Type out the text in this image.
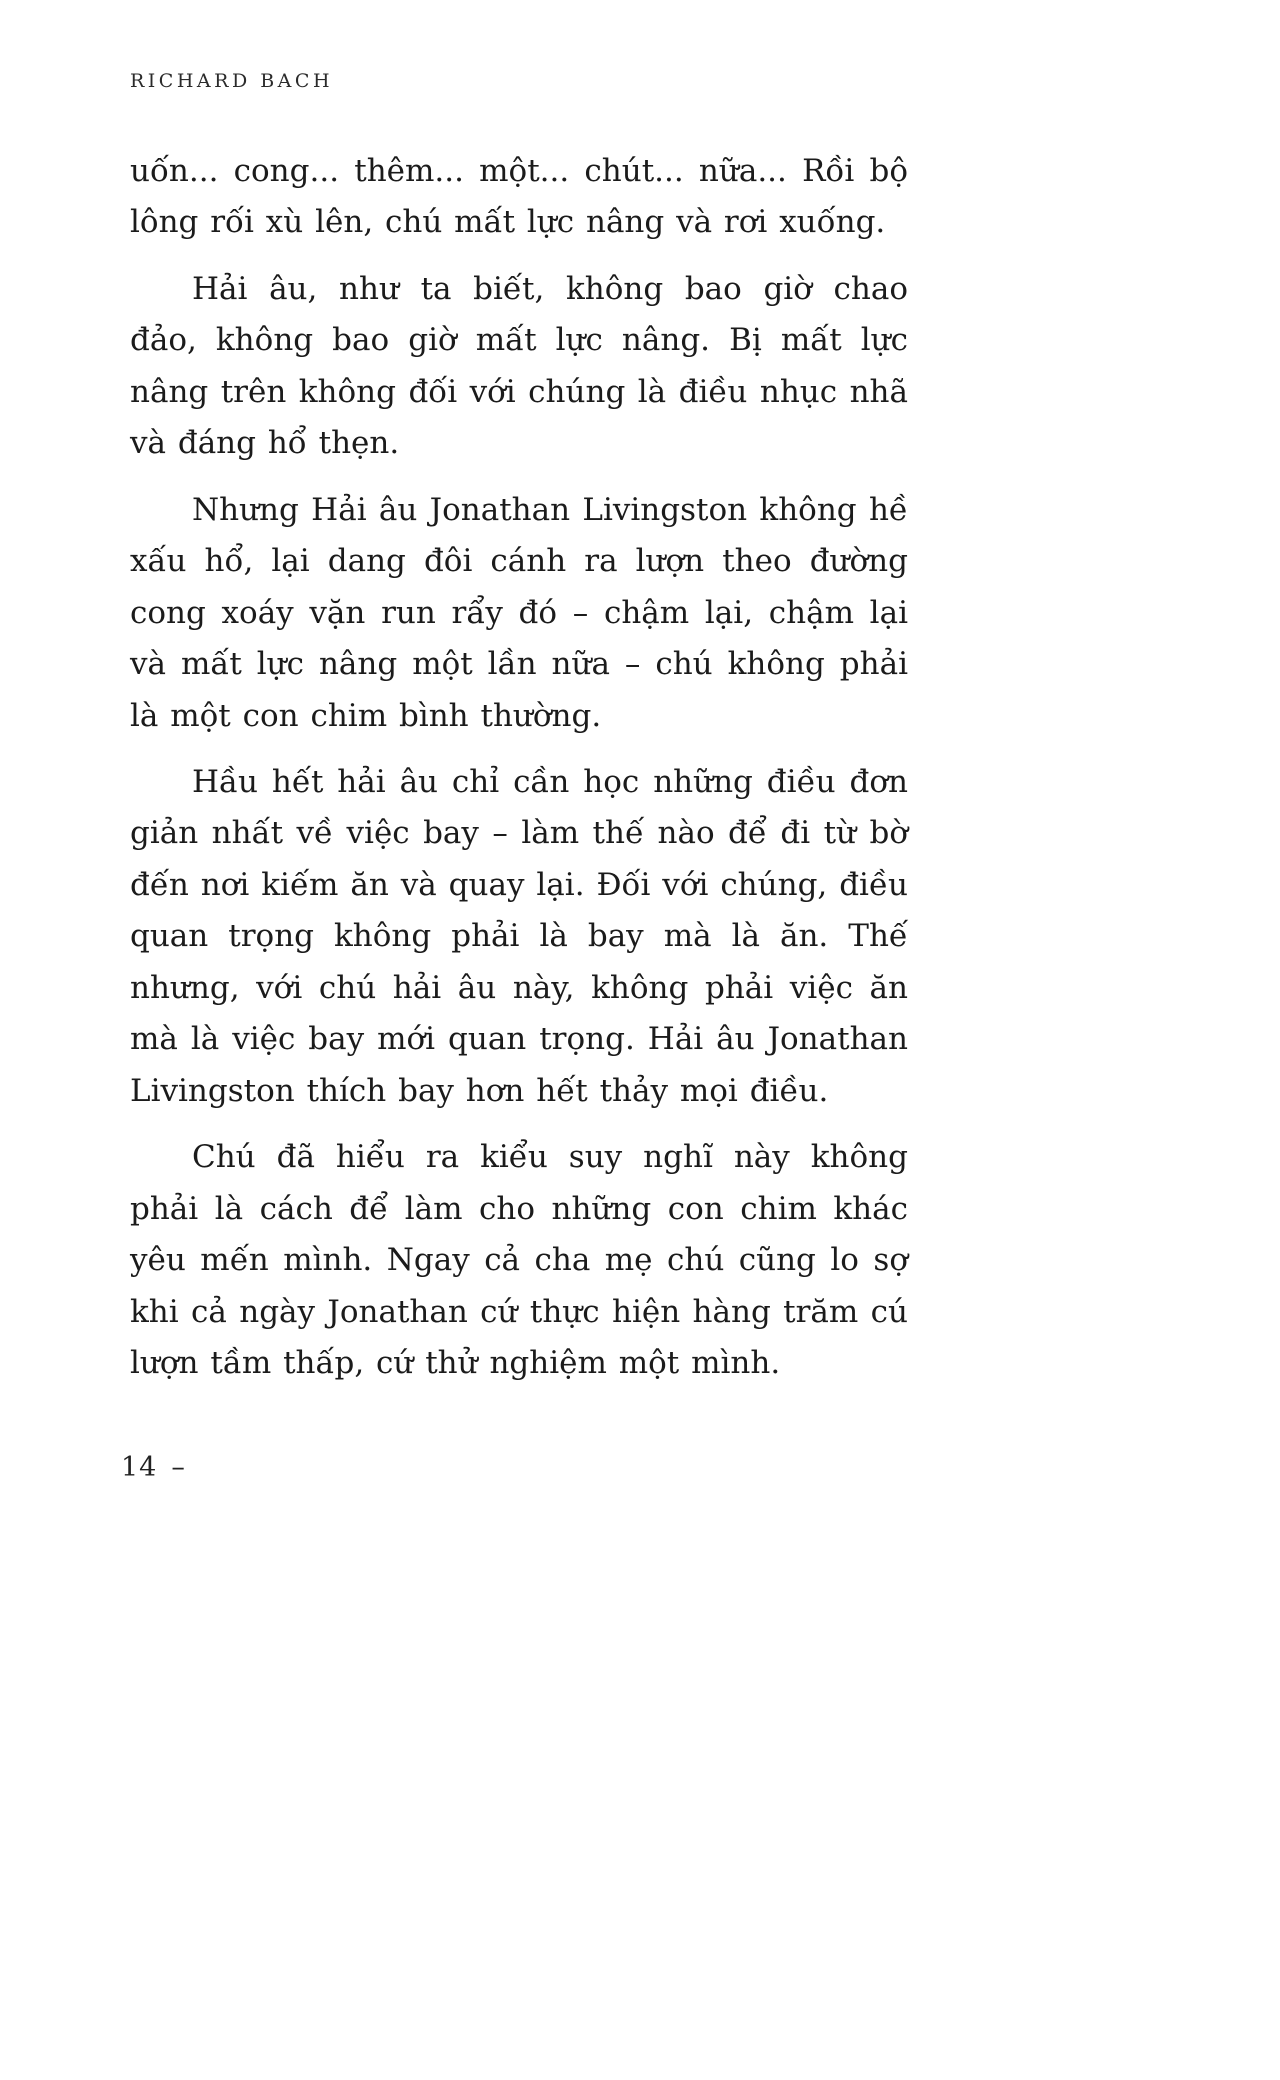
RICHARD BACH

uốn... cong... thêm... một... chút... nữa... Rồi bộ lông rối xù lên, chú mất lực nâng và rơi xuống.

Hải âu, như ta biết, không bao giờ chao đảo, không bao giờ mất lực nâng. Bị mất lực nâng trên không đối với chúng là điều nhục nhã và đáng hổ thẹn.

Nhưng Hải âu Jonathan Livingston không hề xấu hổ, lại dang đôi cánh ra lượn theo đường cong xoáy vặn run rẩy đó – chậm lại, chậm lại và mất lực nâng một lần nữa – chú không phải là một con chim bình thường.

Hầu hết hải âu chỉ cần học những điều đơn giản nhất về việc bay – làm thế nào để đi từ bờ đến nơi kiếm ăn và quay lại. Đối với chúng, điều quan trọng không phải là bay mà là ăn. Thế nhưng, với chú hải âu này, không phải việc ăn mà là việc bay mới quan trọng. Hải âu Jonathan Livingston thích bay hơn hết thảy mọi điều.

Chú đã hiểu ra kiểu suy nghĩ này không phải là cách để làm cho những con chim khác yêu mến mình. Ngay cả cha mẹ chú cũng lo sợ khi cả ngày Jonathan cứ thực hiện hàng trăm cú lượn tầm thấp, cứ thử nghiệm một mình.

14 –
